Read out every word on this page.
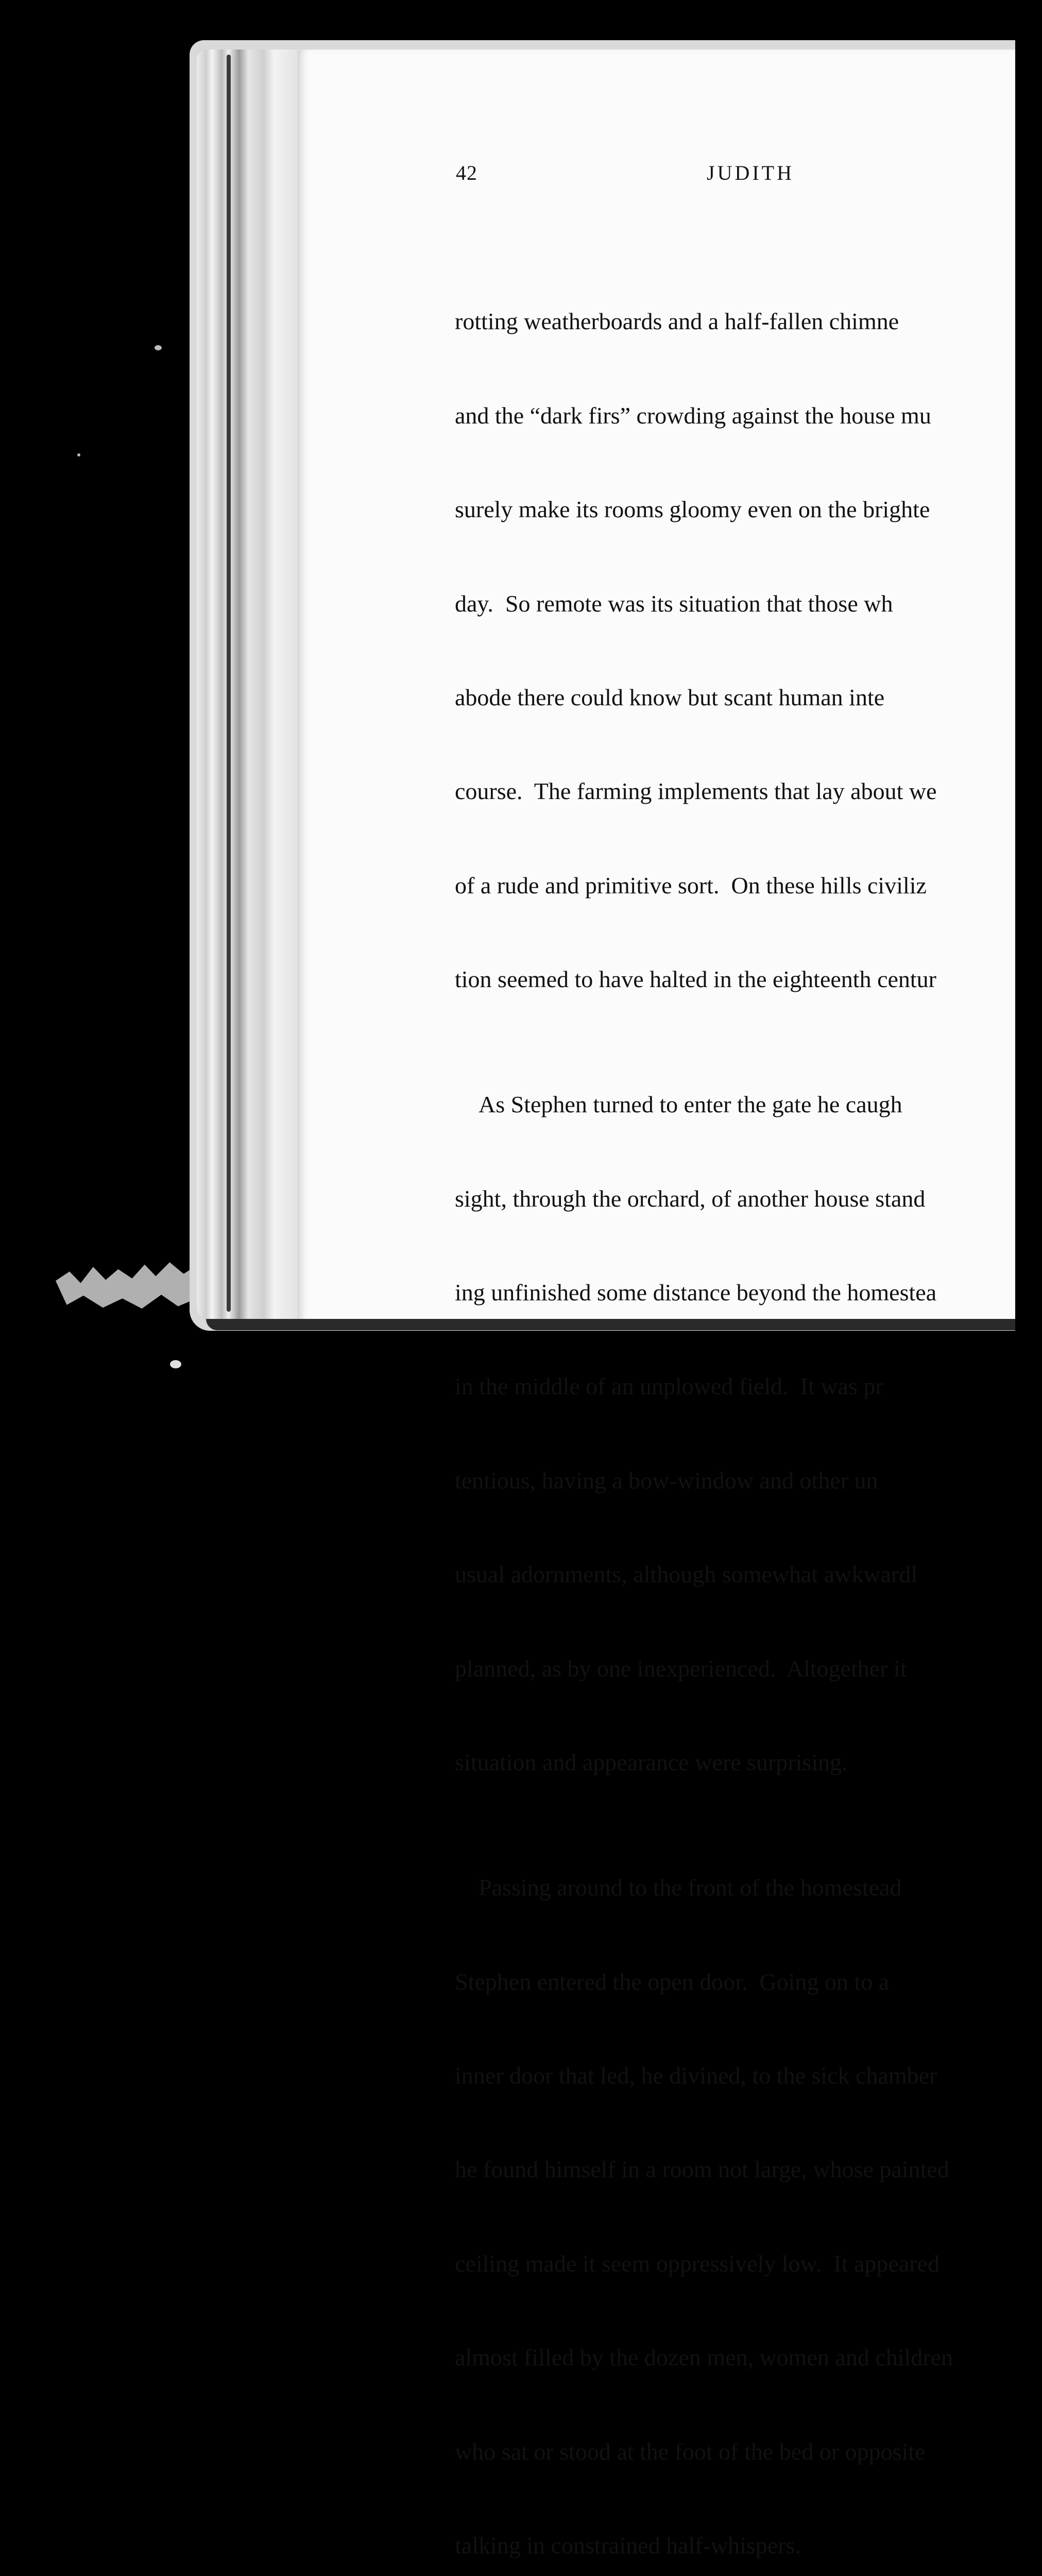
42	JUDITH

rotting weatherboards and a half-fallen chimne

and the “dark firs” crowding against the house mu

surely make its rooms gloomy even on the brighte

day.  So remote was its situation that those wh

abode there could know but scant human inte

course.  The farming implements that lay about we

of a rude and primitive sort.  On these hills civiliz

tion seemed to have halted in the eighteenth centur

As Stephen turned to enter the gate he caugh

sight, through the orchard, of another house stand

ing unfinished some distance beyond the homestea

in the middle of an unplowed field.  It was pr

tentious, having a bow-window and other un

usual adornments, although somewhat awkwardl

planned, as by one inexperienced.  Altogether it

situation and appearance were surprising.

Passing around to the front of the homestead

Stephen entered the open door.  Going on to a

inner door that led, he divined, to the sick chamber

he found himself in a room not large, whose painted

ceiling made it seem oppressively low.  It appeared

almost filled by the dozen men, women and children

who sat or stood at the foot of the bed or opposite

talking in constrained half-whispers.
